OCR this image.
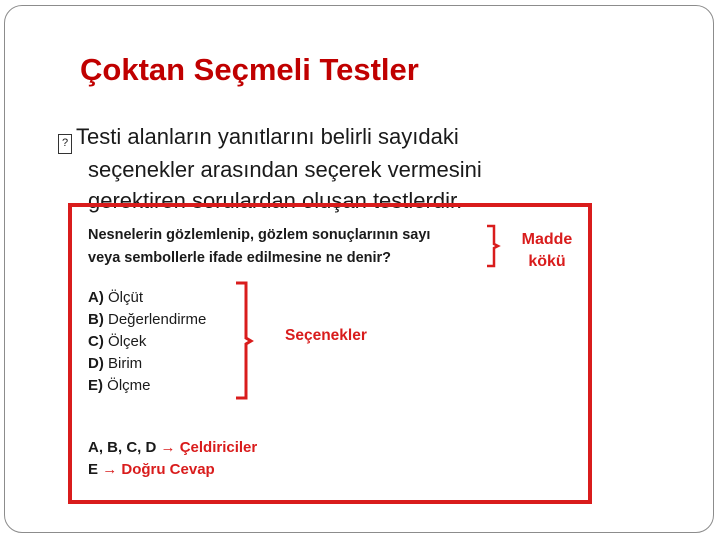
Çoktan Seçmeli Testler
? Testi alanların yanıtlarını belirli sayıdaki
seçenekler arasından seçerek vermesini
gerektiren sorulardan oluşan testlerdir.
Nesnelerin gözlemlenip, gözlem sonuçlarının sayı
veya sembollerle ifade edilmesine ne denir?
Madde
kökü
A) Ölçüt
B) Değerlendirme
C) Ölçek
D) Birim
E) Ölçme
Seçenekler
A, B, C, D → Çeldiriciler
E → Doğru Cevap
